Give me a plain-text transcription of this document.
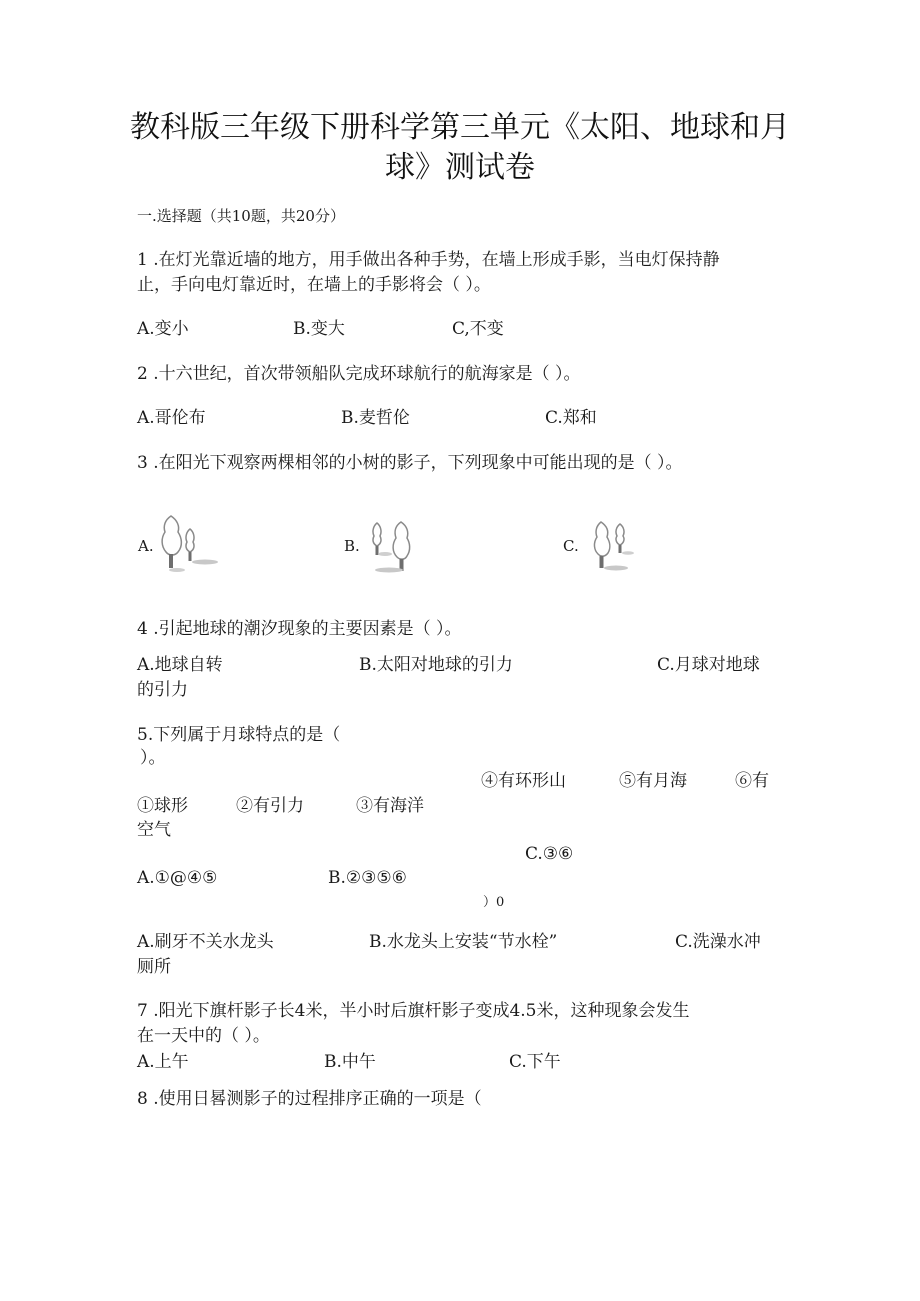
教科版三年级下册科学第三单元《太阳、地球和月
球》测试卷
一.选择题（共10题，共20分）
1 .在灯光靠近墙的地方，用手做出各种手势，在墙上形成手影，当电灯保持静
止，手向电灯靠近时，在墙上的手影将会（ ）。
A.变小	B.变大	C,不变
2 .十六世纪，首次带领船队完成环球航行的航海家是（ ）。
A.哥伦布	B.麦哲伦	C.郑和
3 .在阳光下观察两棵相邻的小树的影子，下列现象中可能出现的是（ ）。
A.	B.	C.
4 .引起地球的潮汐现象的主要因素是（ ）。
A.地球自转	B.太阳对地球的引力	C.月球对地球
的引力
5.下列属于月球特点的是（
）。
④有环形山	⑤有月海	⑥有
①球形	②有引力	③有海洋
空气
C.③⑥
A.①@④⑤	B.②③⑤⑥
）0
A.刷牙不关水龙头	B.水龙头上安装“节水栓”	C.洗澡水冲
厕所
7 .阳光下旗杆影子长4米，半小时后旗杆影子变成4.5米，这种现象会发生
在一天中的（ ）。
A.上午	B.中午	C.下午
8 .使用日晷测影子的过程排序正确的一项是（
